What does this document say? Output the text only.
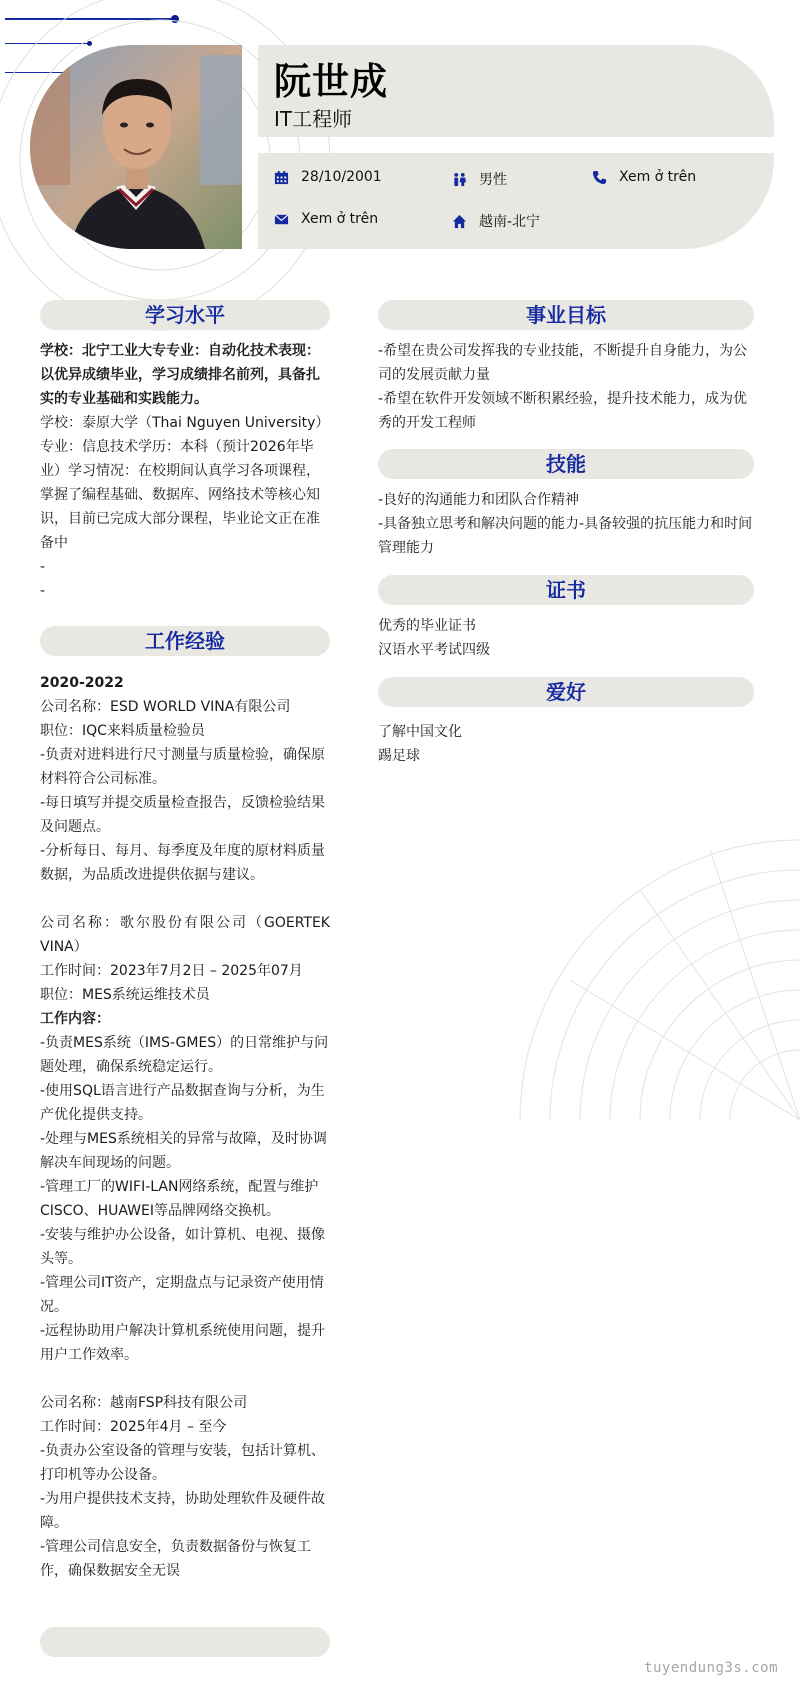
阮世成
IT工程师
28/10/2001	男性	Xem ở trên
Xem ở trên	越南-北宁
学习水平

学校：北宁工业大专专业：自动化技术表现：以优异成绩毕业，学习成绩排名前列，具备扎实的专业基础和实践能力。

学校：泰原大学（Thai Nguyen University）专业：信息技术学历：本科（预计2026年毕业）学习情况：在校期间认真学习各项课程，掌握了编程基础、数据库、网络技术等核心知识，目前已完成大部分课程，毕业论文正在准备中

-

-

工作经验

2020-2022

公司名称：ESD WORLD VINA有限公司

职位：IQC来料质量检验员

-负责对进料进行尺寸测量与质量检验，确保原材料符合公司标准。

-每日填写并提交质量检查报告，反馈检验结果及问题点。

-分析每日、每月、每季度及年度的原材料质量数据，为品质改进提供依据与建议。

公司名称：歌尔股份有限公司（GOERTEK VINA）

工作时间：2023年7月2日 – 2025年07月

职位：MES系统运维技术员

工作内容：

-负责MES系统（IMS-GMES）的日常维护与问题处理，确保系统稳定运行。

-使用SQL语言进行产品数据查询与分析，为生产优化提供支持。

-处理与MES系统相关的异常与故障，及时协调解决车间现场的问题。

-管理工厂的WIFI-LAN网络系统，配置与维护CISCO、HUAWEI等品牌网络交换机。

-安装与维护办公设备，如计算机、电视、摄像头等。

-管理公司IT资产，定期盘点与记录资产使用情况。

-远程协助用户解决计算机系统使用问题，提升用户工作效率。

公司名称：越南FSP科技有限公司

工作时间：2025年4月 – 至今

-负责办公室设备的管理与安装，包括计算机、打印机等办公设备。

-为用户提供技术支持，协助处理软件及硬件故障。

-管理公司信息安全，负责数据备份与恢复工作，确保数据安全无误

事业目标

-希望在贵公司发挥我的专业技能，不断提升自身能力，为公司的发展贡献力量

-希望在软件开发领域不断积累经验，提升技术能力，成为优秀的开发工程师

技能

-良好的沟通能力和团队合作精神

-具备独立思考和解决问题的能力-具备较强的抗压能力和时间管理能力

证书

优秀的毕业证书

汉语水平考试四级

爱好

了解中国文化

踢足球

tuyendung3s.com
